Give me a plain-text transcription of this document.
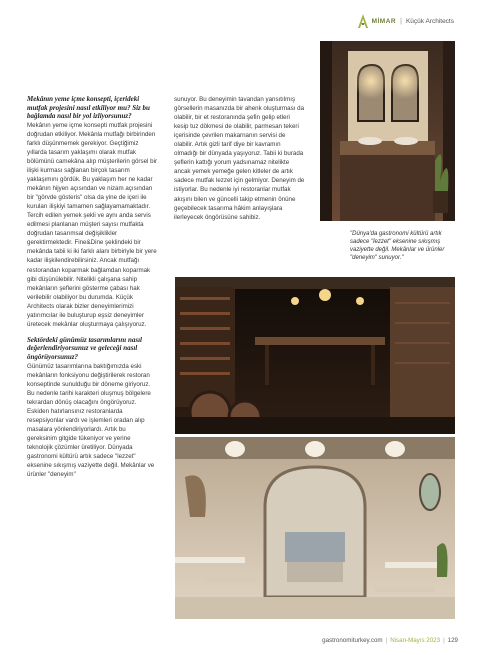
MİMAR | Küçük Architects

Mekânın yeme içme konsepti, içerideki mutfak projesini nasıl etkiliyor mu? Siz bu bağlamda nasıl bir yol izliyorsunuz?

Mekânın yeme içme konsepti mutfak projesini doğrudan etkiliyor. Mekânla mutfağı birbirinden farklı düşünmemek gerekiyor. Geçtiğimiz yıllarda tasarım yaklaşımı olarak mutfak bölümünü camekâna alıp müşterilerin görsel bir ilişki kurması sağlanan birçok tasarım yaklaşımını gördük. Bu yaklaşım her ne kadar mekânın hijyen açısından ve nizam açısından bir "görvde gösteris" olsa da yine de içeri ile kuruları ilişkiyi tamamen sağlayamamaktadır. Tercih edilen yemek şekli ve aynı anda servis edilmesi planlanan müşteri sayısı mutfakta doğrudan tasarımsal değişiklikler gerektirmektedir. Fine&Dine şeklindeki bir mekânda tabii ki iki farklı alanı birbiriyle bir yere kadar ilişkilendirebilirsiniz. Ancak mutfağı restorandan koparmak bağlamdan koparmak gibi düşünülebilir. Nitelikli çalışana sahip mekânların şeflerini gösterme çabası hak verilebilir olabiliyor bu durumda. Küçük Architects olarak bizler deneyimlerimizi yatırımcılar ile buluşturup eşsiz deneyimler üretecek mekânlar oluşturmaya çalışıyoruz.

Sektördeki günümüz tasarımlarını nasıl değerlendiriyorsunuz ve geleceği nasıl öngörüyorsunuz?

Günümüz tasarımlarına baktığımızda eski mekânların fonksiyonu değiştirilerek restoran konseptinde sunulduğu bir döneme giriyoruz. Bu nedenle tarihi karakteri oluşmuş bölgelere tekrardan dönüş olacağını öngörüyoruz. Eskiden hatırlansınız restoranlarda resepsiyonlar vardı ve işlemleri oradan alıp masalara yönlendiriyorlardı. Artık bu gereksinim gitgide tükeniyor ve yerine teknolojik çözümler üretiliyor. Dünyada gastronomi kültürü artık sadece "lezzet" eksenine sıkışmış vaziyette değil. Mekânlar ve ürünler "deneyim"

sunuyor. Bu deneyimin tavandan yansıtılmış görsellerin masanızda bir ahenk oluşturması da olabilir, bir et restoranında şefin gelip etleri kesip tuz dökmesi de olabilir, parmesan tekeri içerisinde çevrilen makarnanın servisi de olabilir. Artık gizli tarif diye bir kavramın olmadığı bir dünyada yaşıyoruz. Tabii ki burada şeflerin kattığı yorum yadsınamaz nitelikte ancak yemek yemeğe gelen kitleler de artık sadece mutfak lezzet için gelmiyor. Deneyim de istiyorlar. Bu nedenle iyi restoranlar mutfak akışını bilen ve güncelli takip etmenin önüne geçebilecek tasarıma hâkim anlayışlara ilerleyecek öngörüsüne sahibiz.

"Dünya'da gastronomi kültürü artık sadece "lezzet" eksenine sıkışmış vaziyette değil. Mekânlar ve ürünler "deneyim" sunuyor."
gastronomiturkey.com | Nisan-Mayıs 2023 | 129
